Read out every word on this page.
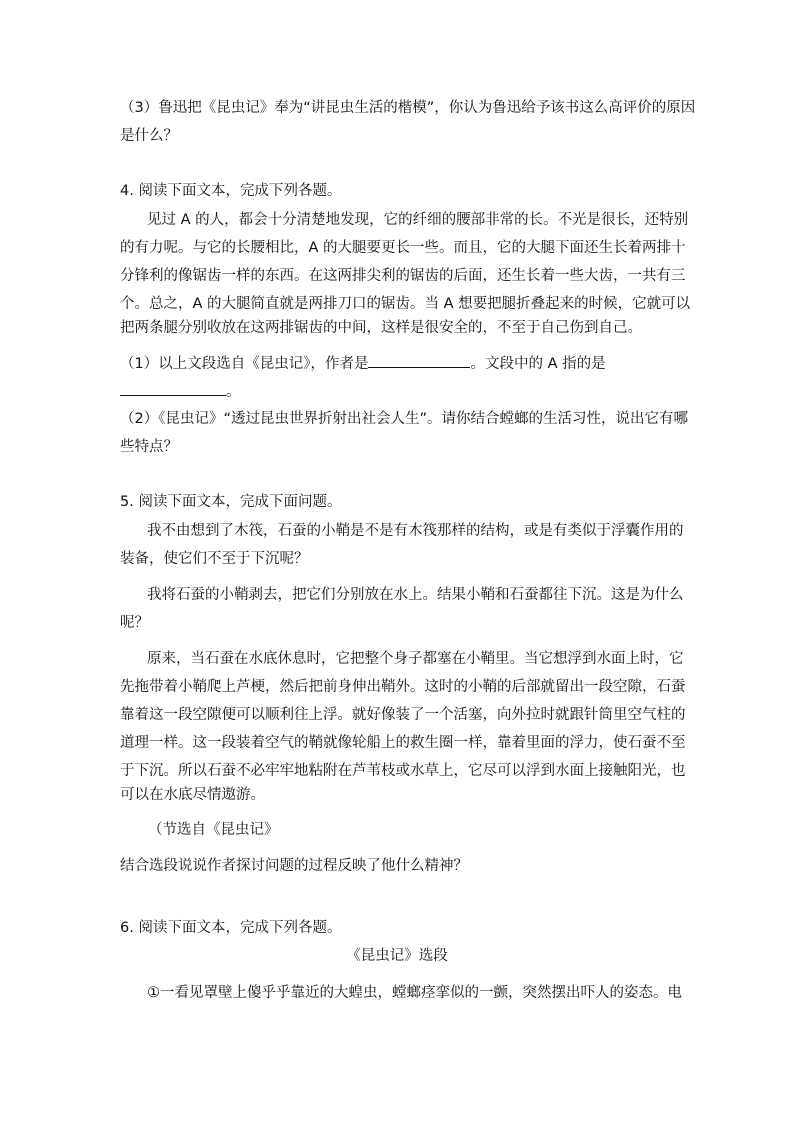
（3）鲁迅把《昆虫记》奉为“讲昆虫生活的楷模”，你认为鲁迅给予该书这么高评价的原因
是什么？
4. 阅读下面文本，完成下列各题。
见过 A 的人，都会十分清楚地发现，它的纤细的腰部非常的长。不光是很长，还特别
的有力呢。与它的长腰相比，A 的大腿要更长一些。而且，它的大腿下面还生长着两排十
分锋利的像锯齿一样的东西。在这两排尖利的锯齿的后面，还生长着一些大齿，一共有三
个。总之，A 的大腿简直就是两排刀口的锯齿。当 A 想要把腿折叠起来的时候，它就可以
把两条腿分别收放在这两排锯齿的中间，这样是很安全的，不至于自己伤到自己。
（1）以上文段选自《昆虫记》，作者是	。文段中的 A 指的是
。
（2）《昆虫记》“透过昆虫世界折射出社会人生”。请你结合螳螂的生活习性，说出它有哪
些特点？
5. 阅读下面文本，完成下面问题。
我不由想到了木筏，石蚕的小鞘是不是有木筏那样的结构，或是有类似于浮囊作用的
装备，使它们不至于下沉呢？
我将石蚕的小鞘剥去，把它们分别放在水上。结果小鞘和石蚕都往下沉。这是为什么
呢？
原来，当石蚕在水底休息时，它把整个身子都塞在小鞘里。当它想浮到水面上时，它
先拖带着小鞘爬上芦梗，然后把前身伸出鞘外。这时的小鞘的后部就留出一段空隙，石蚕
靠着这一段空隙便可以顺利往上浮。就好像装了一个活塞，向外拉时就跟针筒里空气柱的
道理一样。这一段装着空气的鞘就像轮船上的救生圈一样，靠着里面的浮力，使石蚕不至
于下沉。所以石蚕不必牢牢地粘附在芦苇枝或水草上，它尽可以浮到水面上接触阳光，也
可以在水底尽情遨游。
（节选自《昆虫记》
结合选段说说作者探讨问题的过程反映了他什么精神？
6. 阅读下面文本，完成下列各题。
《昆虫记》选段
①一看见罩壁上傻乎乎靠近的大蝗虫，螳螂痉挛似的一颤，突然摆出吓人的姿态。电
